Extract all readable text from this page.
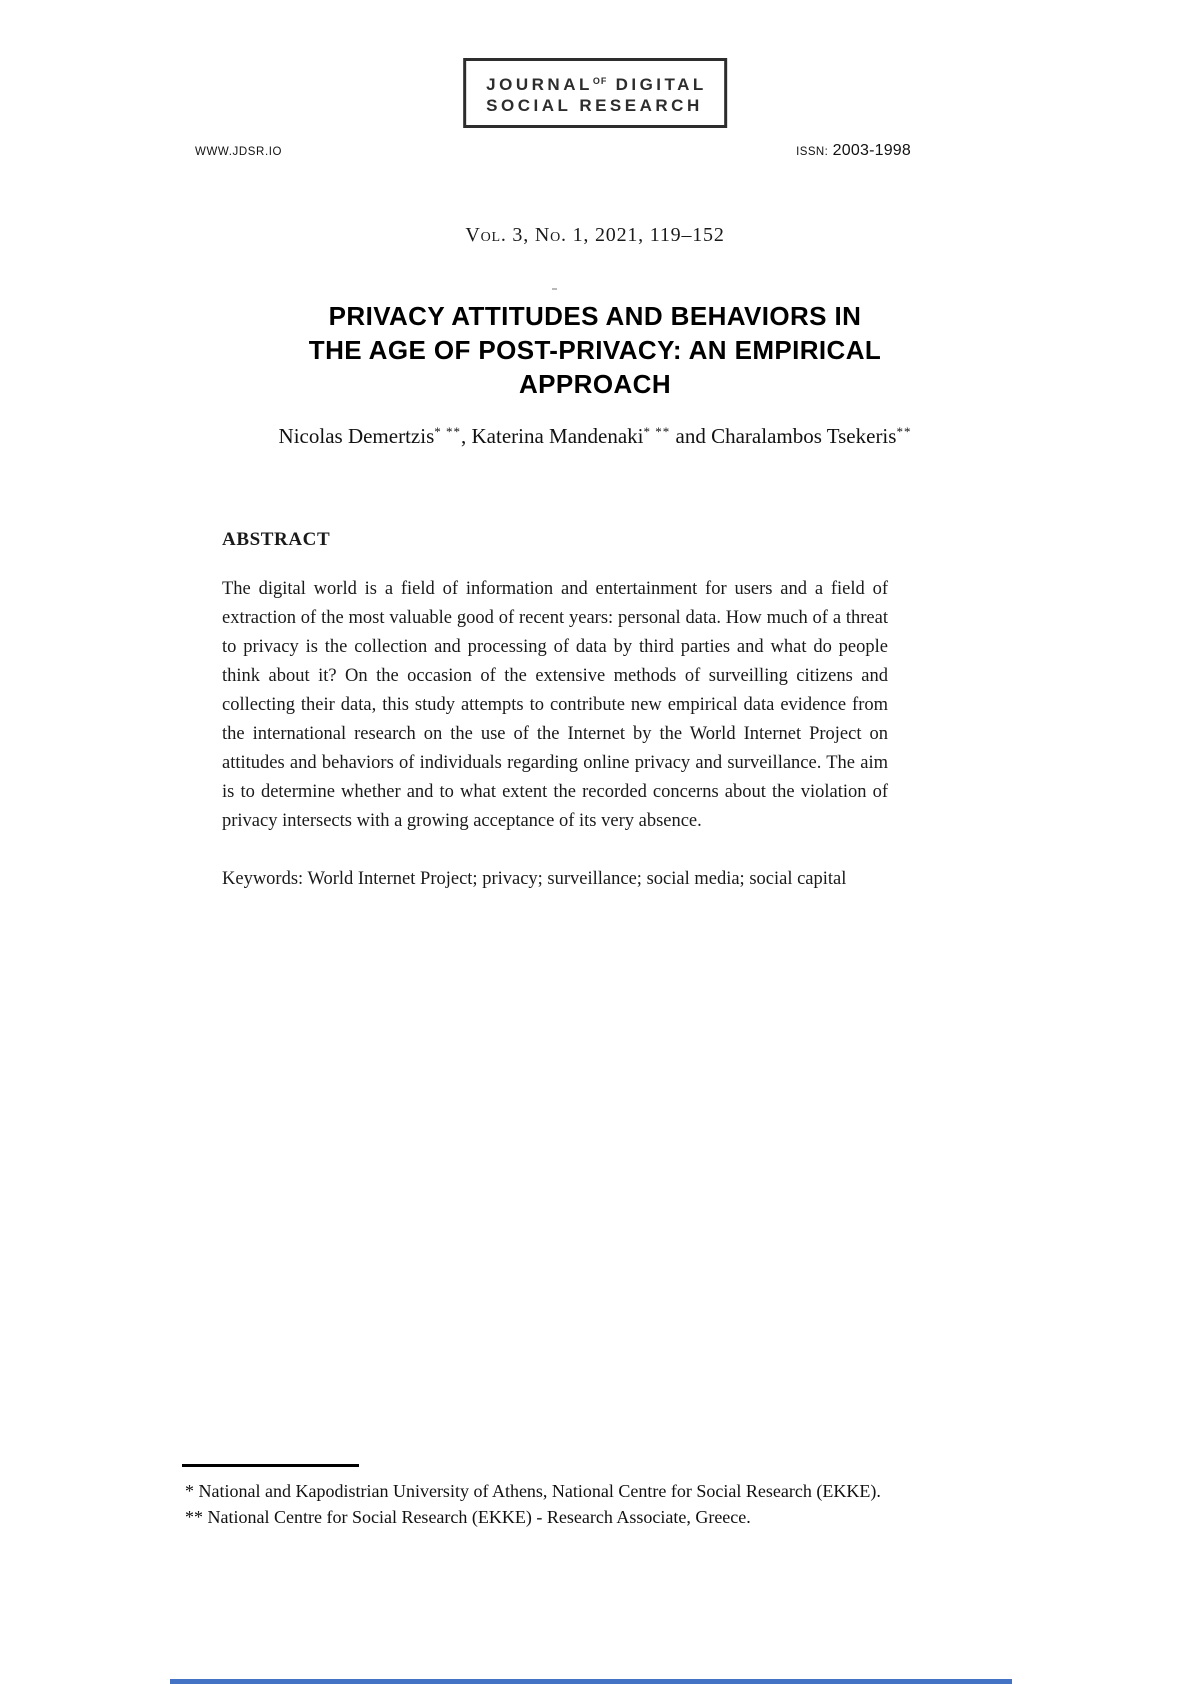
$JOURNAL^{OF}$ DIGITAL
SOCIAL RESEARCH
WWW.JDSR.IO	ISSN: 2003-1998
Vol. 3, No. 1, 2021, 119–152
PRIVACY ATTITUDES AND BEHAVIORS IN
THE AGE OF POST-PRIVACY: AN EMPIRICAL
APPROACH
Nicolas Demertzis* **, Katerina Mandenaki* ** and Charalambos Tsekeris**
ABSTRACT

The digital world is a field of information and entertainment for users and a field of extraction of the most valuable good of recent years: personal data. How much of a threat to privacy is the collection and processing of data by third parties and what do people think about it? On the occasion of the extensive methods of surveilling citizens and collecting their data, this study attempts to contribute new empirical data evidence from the international research on the use of the Internet by the World Internet Project on attitudes and behaviors of individuals regarding online privacy and surveillance. The aim is to determine whether and to what extent the recorded concerns about the violation of privacy intersects with a growing acceptance of its very absence.

Keywords: World Internet Project; privacy; surveillance; social media; social capital

* National and Kapodistrian University of Athens, National Centre for Social Research (EKKE).

** National Centre for Social Research (EKKE) - Research Associate, Greece.
